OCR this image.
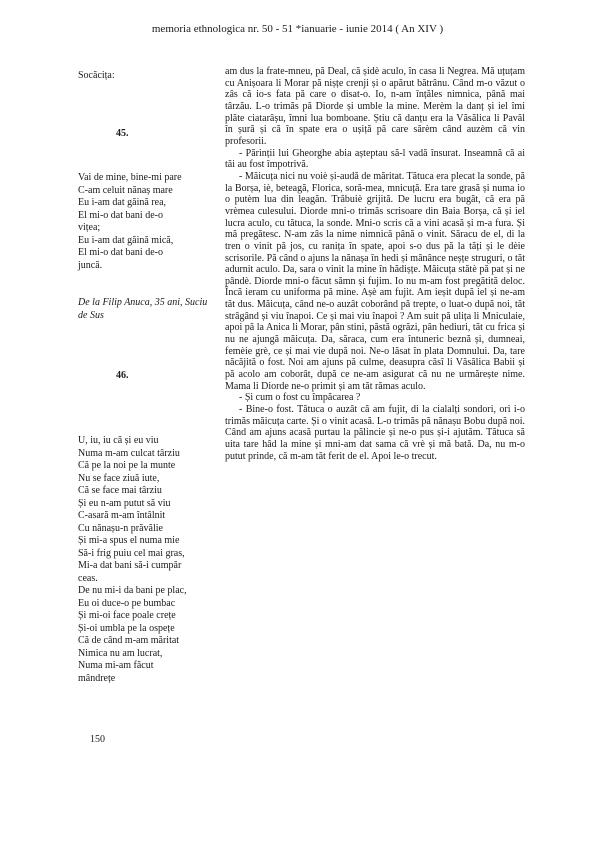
memoria ethnologica nr. 50 - 51 *ianuarie - iunie 2014 ( An XIV )

Socăcița:

45.

Vai de mine, bine-mi pare
C-am celuit nănaș mare
Eu i-am dat găină rea,
El mi-o dat bani de-o
vițea;
Eu i-am dat găină mică,
El mi-o dat bani de-o
juncă.

De la Filip Anuca, 35 ani, Suciu de Sus

46.

U, iu, iu că și eu viu
Numa m-am culcat târziu
Că pe la noi pe la munte
Nu se face ziuă iute,
Că se face mai târziu
Și eu n-am putut să viu
C-asară m-am întâlnit
Cu nănașu-n prăvălie
Și mi-a spus el numa mie
Să-i frig puiu cel mai gras,
Mi-a dat bani să-i cumpăr
ceas.
De nu mi-i da bani pe plac,
Eu oi duce-o pe bumbac
Și mi-oi face poale crețe
Și-oi umbla pe la ospețe
Că de când m-am măritat
Nimica nu am lucrat,
Numa mi-am făcut
mândrețe

am dus la frate-mneu, pă Deal, că șidè aculo, în casa li Negrea. Mă uțuțam cu Anișoara li Morar pă nișțe crenji și o apărut bătrânu. Când m-o văzut o zâs că io-s fata pă care o disat-o. Io, n-am înțăles nimnica, până mai târzău. L-o trimăs pă Diorde și umble la mine. Merèm la danț și iel îmi plăte ciatarâșu, îmni lua bomboane. Știu că danțu era la Văsălica li Pavăl în șură și că în spate era o ușiță pă care sărèm când auzèm că vin profesorii.

- Părinții lui Gheorghe abia așteptau să-l vadă însurat. Inseamnă că ai tăi au fost împotrivă.

- Măicuța nici nu voiè și-audă de măritat. Tătuca era plecat la sonde, pă la Borșa, iè, beteagă, Florica, soră-mea, mnicuță. Era tare grasă și numa io o putèm lua din leagăn. Trăbuiè grijită. De lucru era bugăt, că era pă vrèmea culesului. Diorde mni-o trimăs scrisoare din Baia Borșa, că și iel lucra aculo, cu tătuca, la sonde. Mni-o scris că a vini acasă și m-a fura. Și mă pregătesc. N-am zâs la nime nimnică până o vinit. Săracu de el, di la tren o vinit pă jos, cu ranița în spate, apoi s-o dus pă la tăți și le dèie scrisorile. Pă când o ajuns la nănașa în hedi și mânânce neșțe struguri, o tăt adurnit aculo. Da, sara o vinit la mine în hădișțe. Măicuța stătè pă pat și ne pândè. Diorde mni-o făcut sămn și fujim. Io nu m-am fost pregătită deloc. Încă ieram cu uniforma pă mine. Așè am fujit. Am ieșit după iel și ne-am tăt dus. Măicuța, când ne-o auzât coborând pă trepte, o luat-o după noi, tăt strâgând și viu înapoi. Ce și mai viu înapoi ? Am suit pă ulița li Mniculaie, apoi pă la Anica li Morar, pân stini, păstă ogrăzi, pân hediuri, tăt cu frica și nu ne ajungă măicuța. Da, săraca, cum era întuneric beznă și, dumneai, femèie grè, ce și mai vie după noi. Ne-o lăsat în plata Domnului. Da, tare năcăjită o fost. Noi am ajuns pă culme, deasupra căsî li Văsălica Babii și pă acolo am coborât, după ce ne-am asigurat că nu ne urmărește nime. Mama li Diorde ne-o primit și am tăt rămas aculo.

- Și cum o fost cu împăcarea ?

- Bine-o fost. Tătuca o auzât că am fujit, di la cialalți sondori, ori i-o trimăs măicuța carte. Și o vinit acasă. L-o trimăs pă nănașu Bobu după noi. Când am ajuns acasă purtau la pălincie și ne-o pus și-i ajutăm. Tătuca să uita tare hâd la mine și mni-am dat sama că vrè și mă bată. Da, nu m-o putut prinde, că m-am tăt ferit de el. Apoi le-o trecut.

150
